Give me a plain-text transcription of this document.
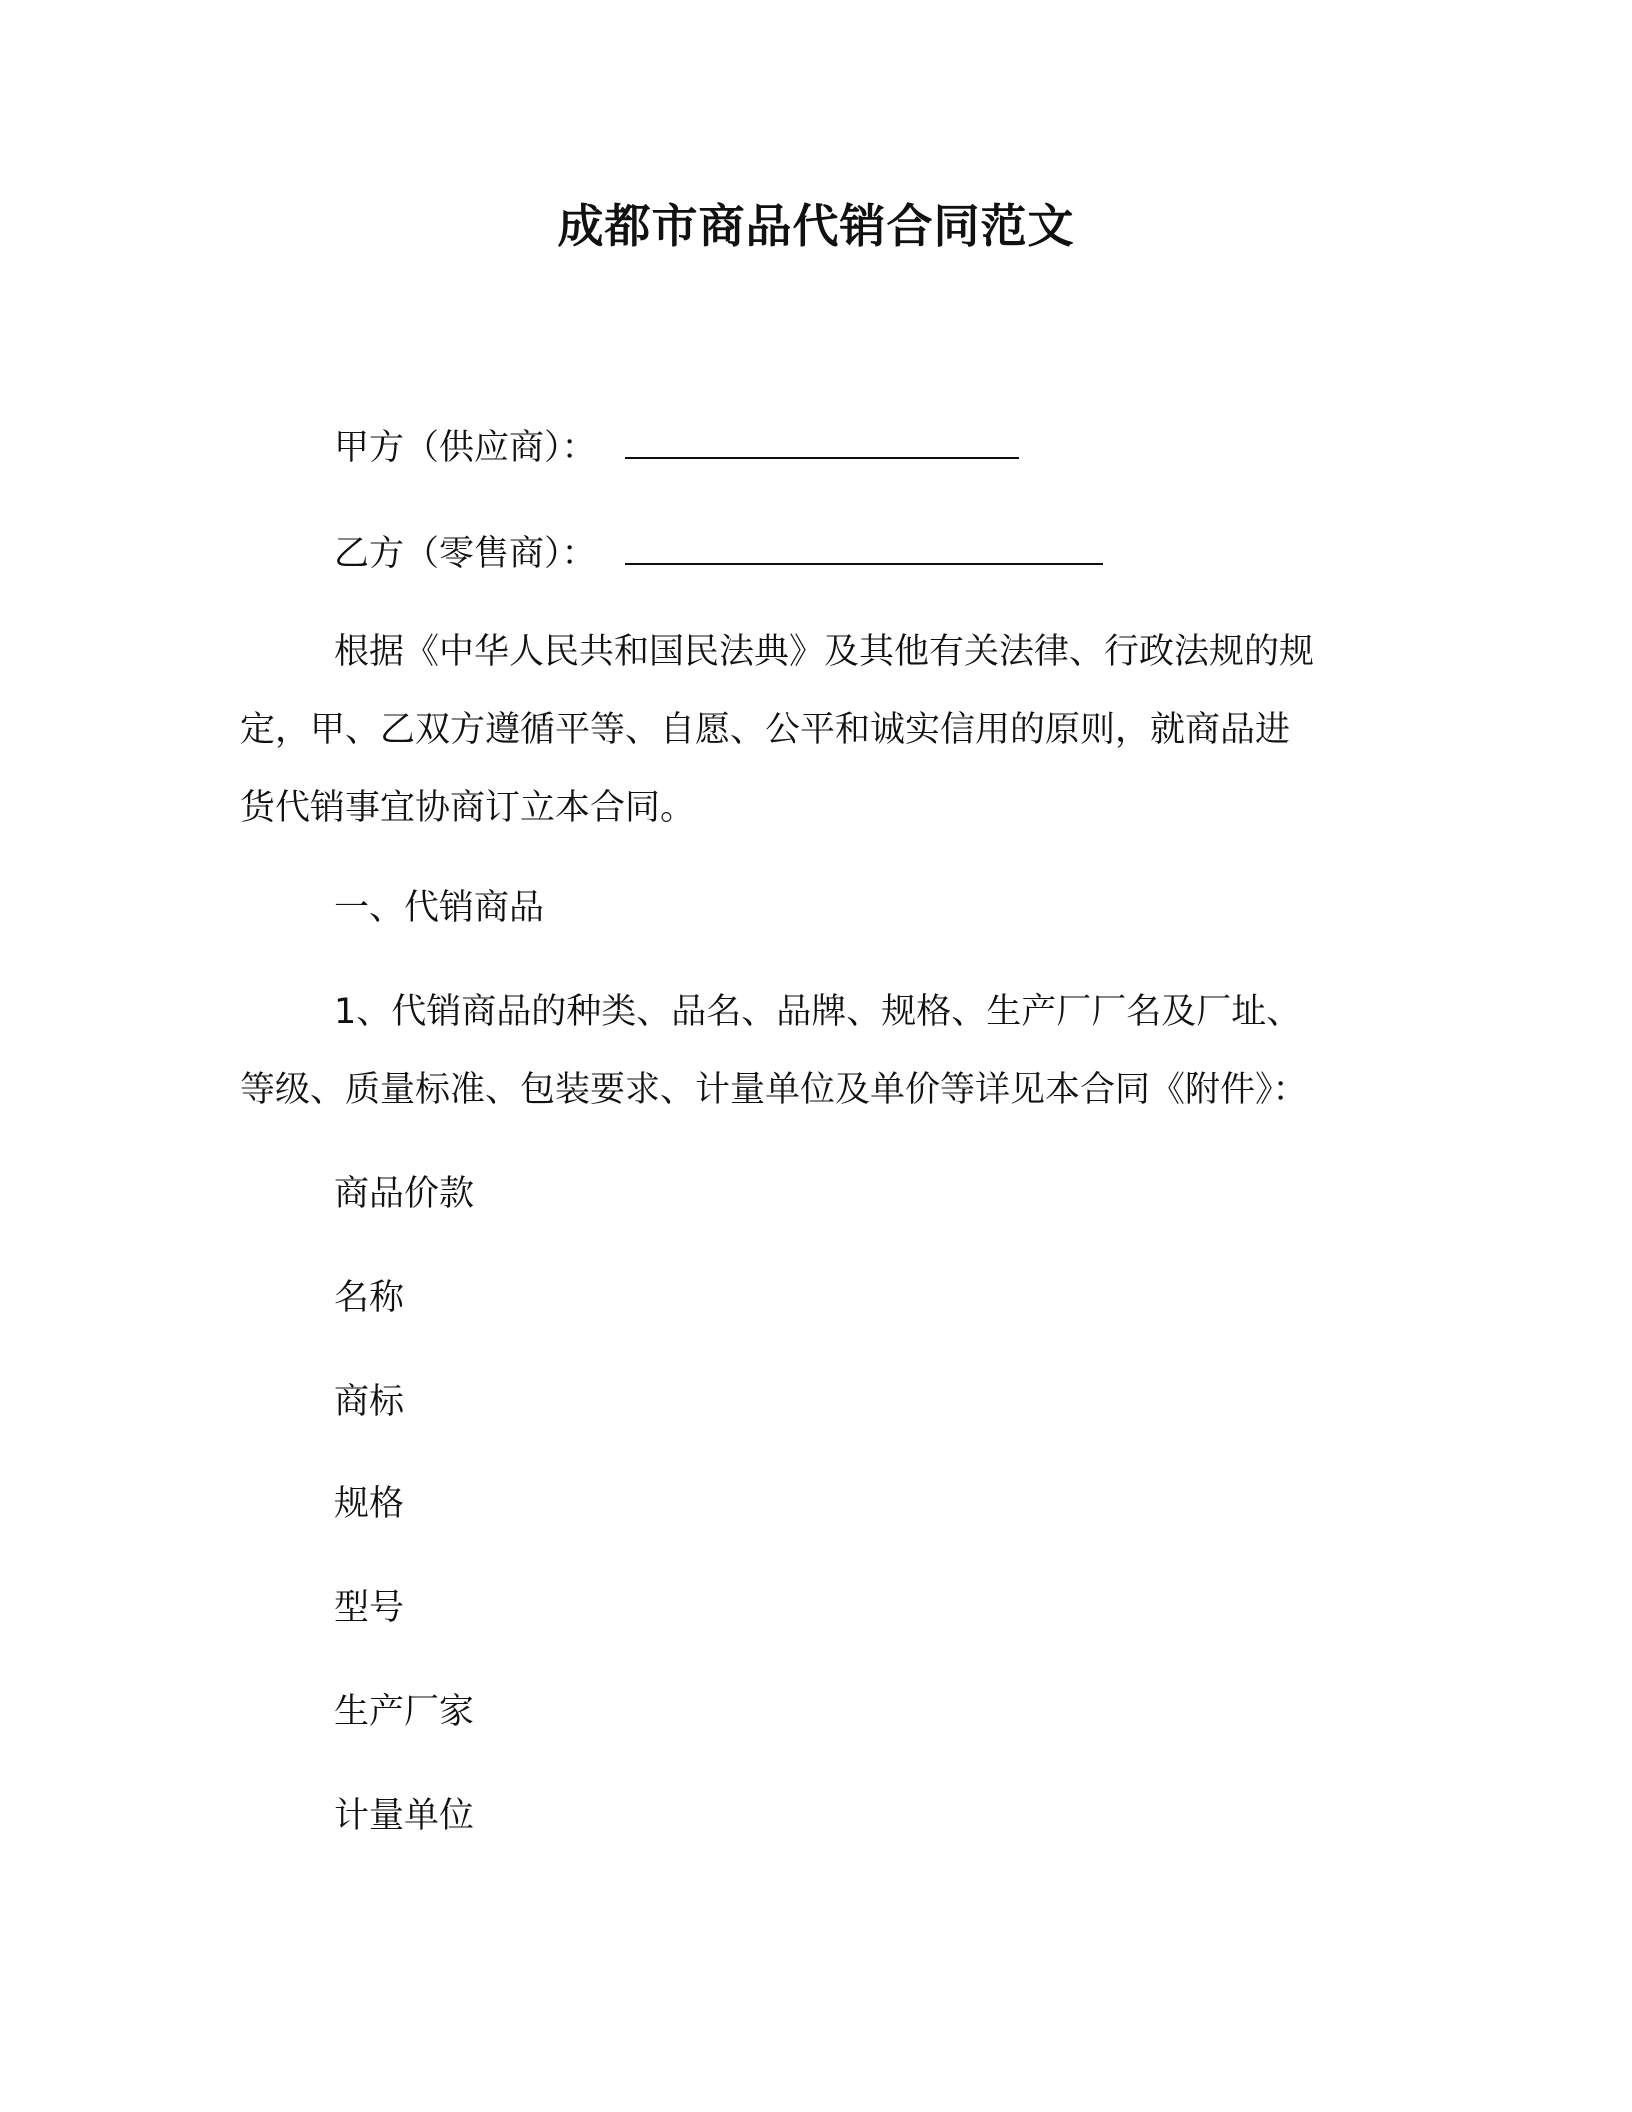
成都市商品代销合同范文
甲方（供应商）：
乙方（零售商）：
根据《中华人民共和国民法典》及其他有关法律、行政法规的规
定，甲、乙双方遵循平等、自愿、公平和诚实信用的原则，就商品进
货代销事宜协商订立本合同。
一、代销商品
1、代销商品的种类、品名、品牌、规格、生产厂厂名及厂址、
等级、质量标准、包装要求、计量单位及单价等详见本合同《附件》：
商品价款
名称
商标
规格
型号
生产厂家
计量单位
